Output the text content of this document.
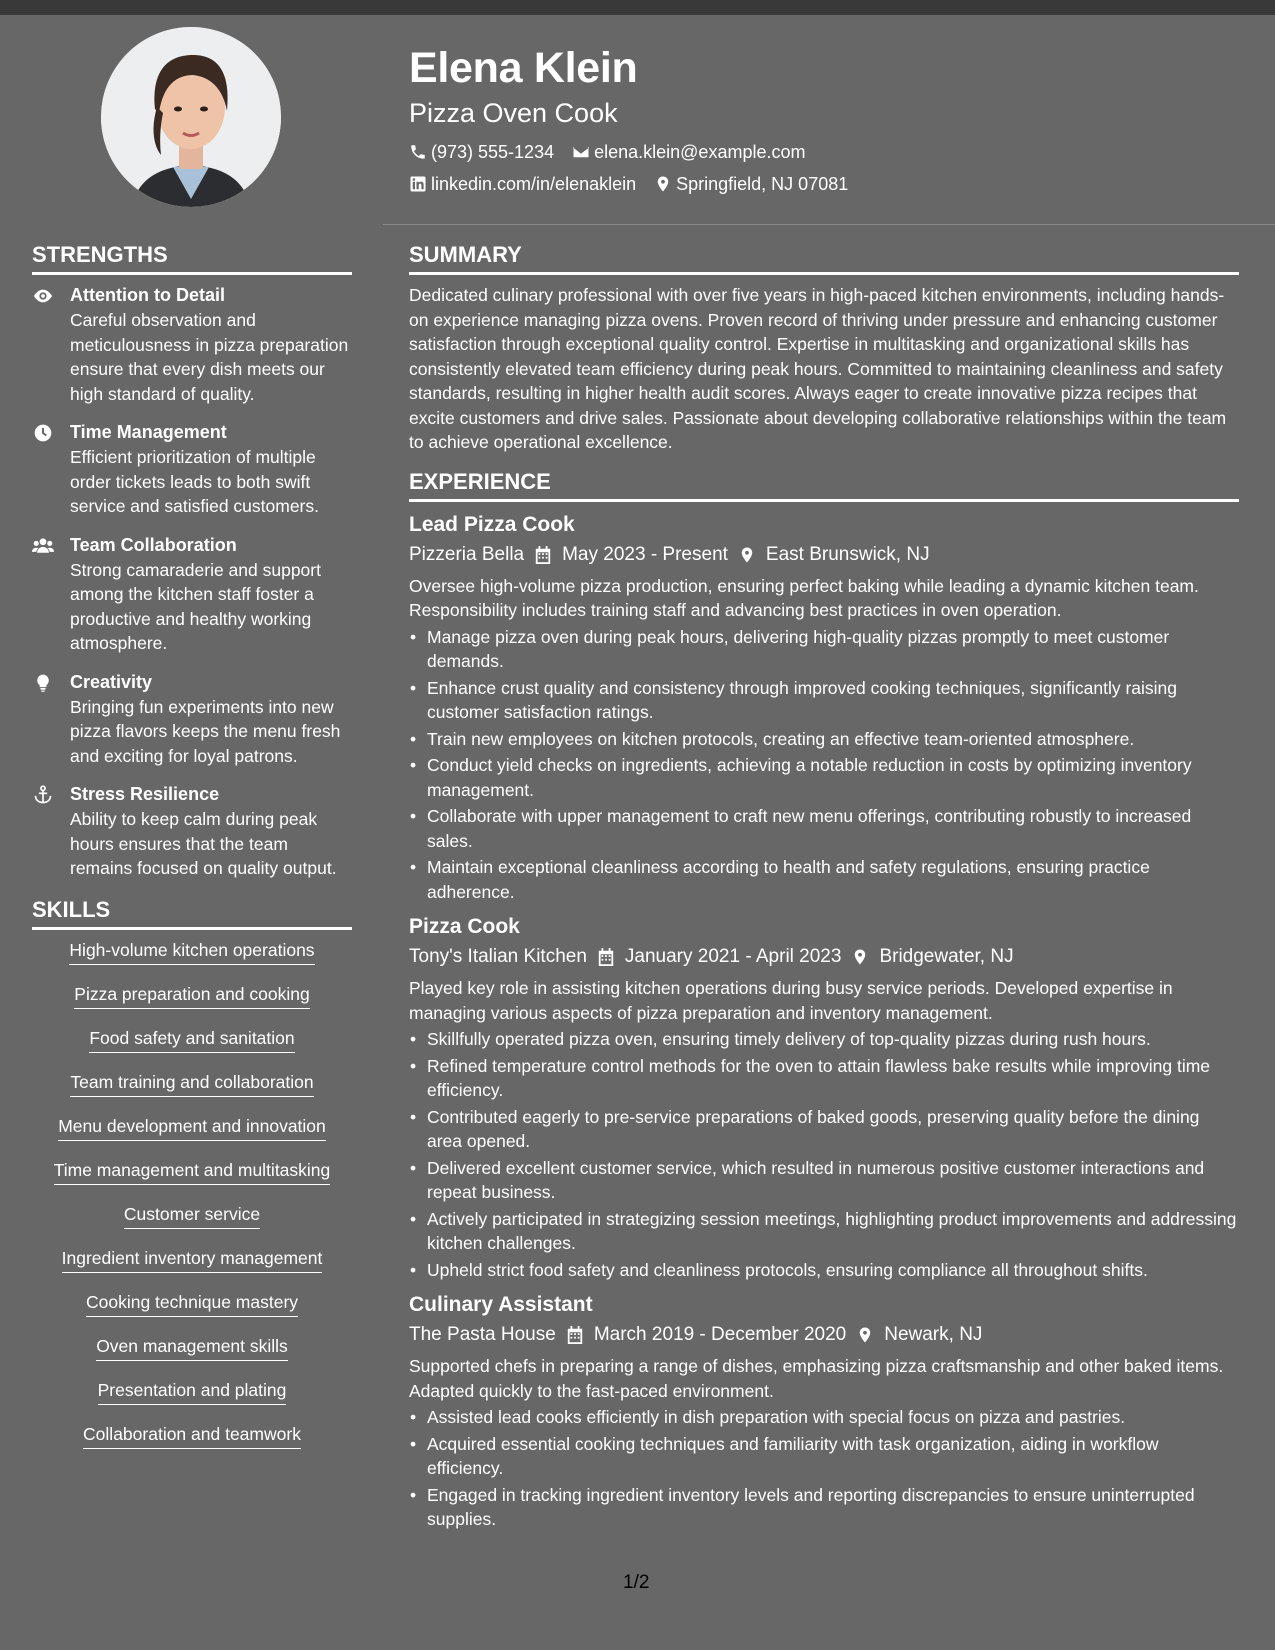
Elena Klein
Pizza Oven Cook
(973) 555-1234 elena.klein@example.com
linkedin.com/in/elenaklein Springfield, NJ 07081
STRENGTHS
Attention to Detail
Careful observation and meticulousness in pizza preparation ensure that every dish meets our high standard of quality.
Time Management
Efficient prioritization of multiple order tickets leads to both swift service and satisfied customers.
Team Collaboration
Strong camaraderie and support among the kitchen staff foster a productive and healthy working atmosphere.
Creativity
Bringing fun experiments into new pizza flavors keeps the menu fresh and exciting for loyal patrons.
Stress Resilience
Ability to keep calm during peak hours ensures that the team remains focused on quality output.
SKILLS
High-volume kitchen operations
Pizza preparation and cooking
Food safety and sanitation
Team training and collaboration
Menu development and innovation
Time management and multitasking
Customer service
Ingredient inventory management
Cooking technique mastery
Oven management skills
Presentation and plating
Collaboration and teamwork
SUMMARY

Dedicated culinary professional with over five years in high-paced kitchen environments, including hands-on experience managing pizza ovens. Proven record of thriving under pressure and enhancing customer satisfaction through exceptional quality control. Expertise in multitasking and organizational skills has consistently elevated team efficiency during peak hours. Committed to maintaining cleanliness and safety standards, resulting in higher health audit scores. Always eager to create innovative pizza recipes that excite customers and drive sales. Passionate about developing collaborative relationships within the team to achieve operational excellence.

EXPERIENCE
Lead Pizza Cook
Pizzeria Bella May 2023 - Present East Brunswick, NJ

Oversee high-volume pizza production, ensuring perfect baking while leading a dynamic kitchen team. Responsibility includes training staff and advancing best practices in oven operation.

• Manage pizza oven during peak hours, delivering high-quality pizzas promptly to meet customer demands.
• Enhance crust quality and consistency through improved cooking techniques, significantly raising customer satisfaction ratings.
• Train new employees on kitchen protocols, creating an effective team-oriented atmosphere.
• Conduct yield checks on ingredients, achieving a notable reduction in costs by optimizing inventory management.
• Collaborate with upper management to craft new menu offerings, contributing robustly to increased sales.
• Maintain exceptional cleanliness according to health and safety regulations, ensuring practice adherence.
Pizza Cook
Tony's Italian Kitchen January 2021 - April 2023 Bridgewater, NJ

Played key role in assisting kitchen operations during busy service periods. Developed expertise in managing various aspects of pizza preparation and inventory management.

• Skillfully operated pizza oven, ensuring timely delivery of top-quality pizzas during rush hours.
• Refined temperature control methods for the oven to attain flawless bake results while improving time efficiency.
• Contributed eagerly to pre-service preparations of baked goods, preserving quality before the dining area opened.
• Delivered excellent customer service, which resulted in numerous positive customer interactions and repeat business.
• Actively participated in strategizing session meetings, highlighting product improvements and addressing kitchen challenges.
• Upheld strict food safety and cleanliness protocols, ensuring compliance all throughout shifts.
Culinary Assistant
The Pasta House March 2019 - December 2020 Newark, NJ

Supported chefs in preparing a range of dishes, emphasizing pizza craftsmanship and other baked items. Adapted quickly to the fast-paced environment.

• Assisted lead cooks efficiently in dish preparation with special focus on pizza and pastries.
• Acquired essential cooking techniques and familiarity with task organization, aiding in workflow efficiency.
• Engaged in tracking ingredient inventory levels and reporting discrepancies to ensure uninterrupted supplies.
1/2
